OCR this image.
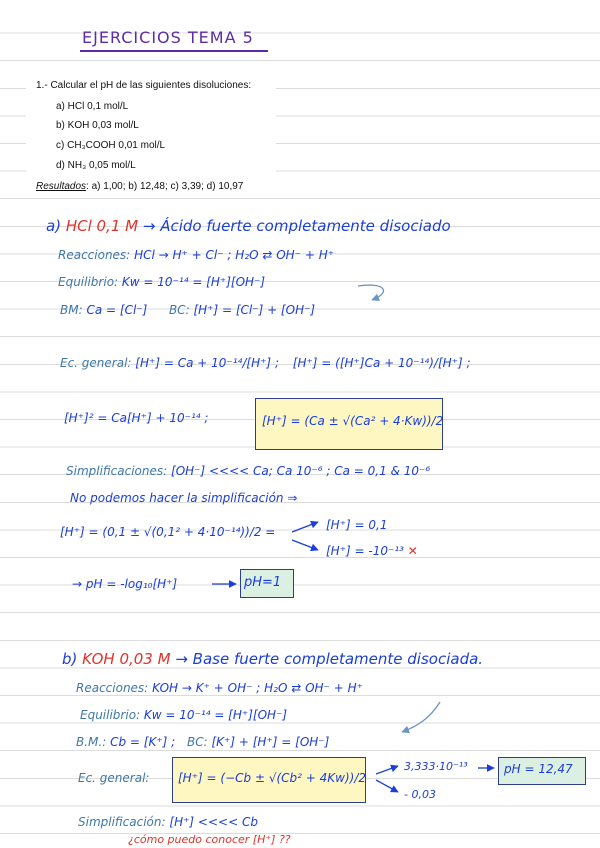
EJERCICIOS TEMA 5
1.- Calcular el pH de las siguientes disoluciones:
a) HCl 0,1 mol/L
b) KOH 0,03 mol/L
c) CH₃COOH 0,01 mol/L
d) NH₃ 0,05 mol/L
Resultados: a) 1,00; b) 12,48; c) 3,39; d) 10,97
a) HCl 0,1 M → Ácido fuerte completamente disociado
Reacciones: HCl → H⁺ + Cl⁻ ; H₂O ⇄ OH⁻ + H⁺
Equilibrio: Kw = 10⁻¹⁴ = [H⁺][OH⁻]
BM: Ca = [Cl⁻] BC: [H⁺] = [Cl⁻] + [OH⁻]
Ec. general: [H⁺] = Ca + 10⁻¹⁴/[H⁺] ; [H⁺] = ([H⁺]Ca + 10⁻¹⁴)/[H⁺] ;
[H⁺]² = Ca[H⁺] + 10⁻¹⁴ ;	[H⁺] = (Ca ± √(Ca² + 4·Kw))/2
Simplificaciones: [OH⁻] <<<< Ca; Ca 10⁻⁶ ; Ca = 0,1 & 10⁻⁶
No podemos hacer la simplificación ⇒
[H⁺] = (0,1 ± √(0,1² + 4·10⁻¹⁴))/2 =	[H⁺] = 0,1
[H⁺] = -10⁻¹³ ✕
→ pH = -log₁₀[H⁺]	pH=1
b) KOH 0,03 M → Base fuerte completamente disociada.
Reacciones: KOH → K⁺ + OH⁻ ; H₂O ⇄ OH⁻ + H⁺
Equilibrio: Kw = 10⁻¹⁴ = [H⁺][OH⁻]
B.M.: Cb = [K⁺] ; BC: [K⁺] + [H⁺] = [OH⁻]
Ec. general: [H⁺] = (−Cb ± √(Cb² + 4Kw))/2
3,333·10⁻¹³
- 0,03
pH = 12,47
Simplificación: [H⁺] <<<< Cb
¿cómo puedo conocer [H⁺] ??
